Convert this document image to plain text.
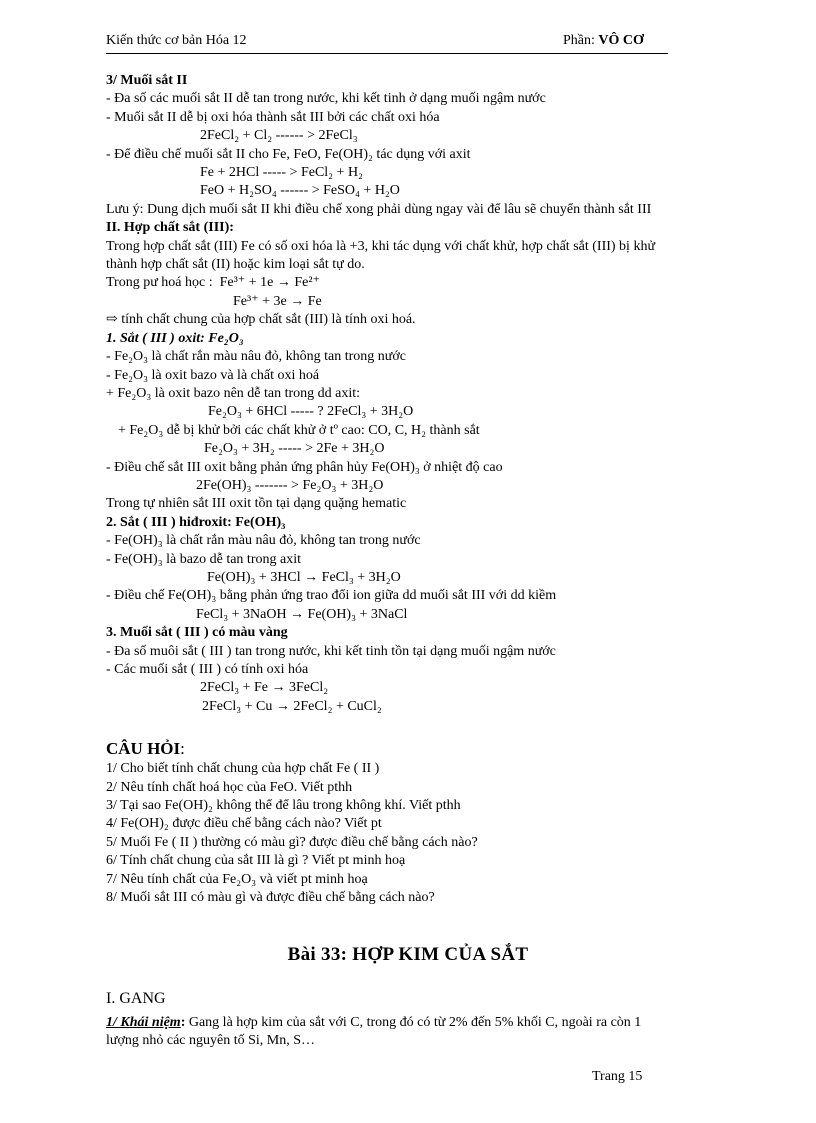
Kiến thức cơ bản Hóa 12	Phần: VÔ CƠ

3/ Muối sắt II

- Đa số các muối sắt II dễ tan trong nước, khi kết tinh ở dạng muối ngậm nước

- Muối sắt II dễ bị oxi hóa thành sắt III bởi các chất oxi hóa

2FeCl₂ + Cl₂ ------ > 2FeCl₃

- Để điều chế muối sắt II cho Fe, FeO, Fe(OH)₂ tác dụng với axit

Fe + 2HCl ----- > FeCl₂ + H₂

FeO + H₂SO₄ ------ > FeSO₄ + H₂O

Lưu ý: Dung dịch muối sắt II khi điều chế xong phải dùng ngay vài để lâu sẽ chuyển thành sắt III

II. Hợp chất sắt (III):

Trong hợp chất sắt (III) Fe có số oxi hóa là +3, khi tác dụng với chất khử, hợp chất sắt (III) bị khử

thành hợp chất sắt (II) hoặc kim loại sắt tự do.

Trong pư hoá học : Fe³⁺ + 1e → Fe²⁺

Fe³⁺ + 3e → Fe

⇨ tính chất chung của hợp chất sắt (III) là tính oxi hoá.

1. Sắt ( III ) oxit: Fe₂O₃

- Fe₂O₃ là chất rắn màu nâu đỏ, không tan trong nước

- Fe₂O₃ là oxit bazo và là chất oxi hoá

+ Fe₂O₃ là oxit bazo nên dễ tan trong dd axit:

Fe₂O₃ + 6HCl ----- ? 2FeCl₃ + 3H₂O

+ Fe₂O₃ dễ bị khử bởi các chất khử ở tº cao: CO, C, H₂ thành sắt

Fe₂O₃ + 3H₂ ----- > 2Fe + 3H₂O

- Điều chế sắt III oxit bằng phản ứng phân hủy Fe(OH)₃ ở nhiệt độ cao

2Fe(OH)₃ ------- > Fe₂O₃ + 3H₂O

Trong tự nhiên sắt III oxit tồn tại dạng quặng hematic

2. Sắt ( III ) hiđroxit: Fe(OH)₃

- Fe(OH)₃ là chất rắn màu nâu đỏ, không tan trong nước

- Fe(OH)₃ là bazo dễ tan trong axit

Fe(OH)₃ + 3HCl → FeCl₃ + 3H₂O

- Điều chế Fe(OH)₃ bằng phản ứng trao đổi ion giữa dd muối sắt III với dd kiềm

FeCl₃ + 3NaOH → Fe(OH)₃ + 3NaCl

3. Muối sắt ( III ) có màu vàng

- Đa số muôi sắt ( III ) tan trong nước, khi kết tinh tồn tại dạng muối ngậm nước

- Các muối sắt ( III ) có tính oxi hóa

2FeCl₃ + Fe → 3FeCl₂

2FeCl₃ + Cu → 2FeCl₂ + CuCl₂

CÂU HỎI:

1/ Cho biết tính chất chung của hợp chất Fe ( II )

2/ Nêu tính chất hoá học của FeO. Viết pthh

3/ Tại sao Fe(OH)₂ không thể để lâu trong không khí. Viết pthh

4/ Fe(OH)₂ được điều chế bằng cách nào? Viết pt

5/ Muối Fe ( II ) thường có màu gì? được điều chế bằng cách nào?

6/ Tính chất chung của sắt III là gì ? Viết pt minh hoạ

7/ Nêu tính chất của Fe₂O₃ và viết pt minh hoạ

8/ Muối sắt III có màu gì và được điều chế bằng cách nào?

Bài 33: HỢP KIM CỦA SẮT
I. GANG

1/ Khái niệm: Gang là hợp kim của sắt với C, trong đó có từ 2% đến 5% khối C, ngoài ra còn 1

lượng nhỏ các nguyên tố Si, Mn, S…

Trang 15
